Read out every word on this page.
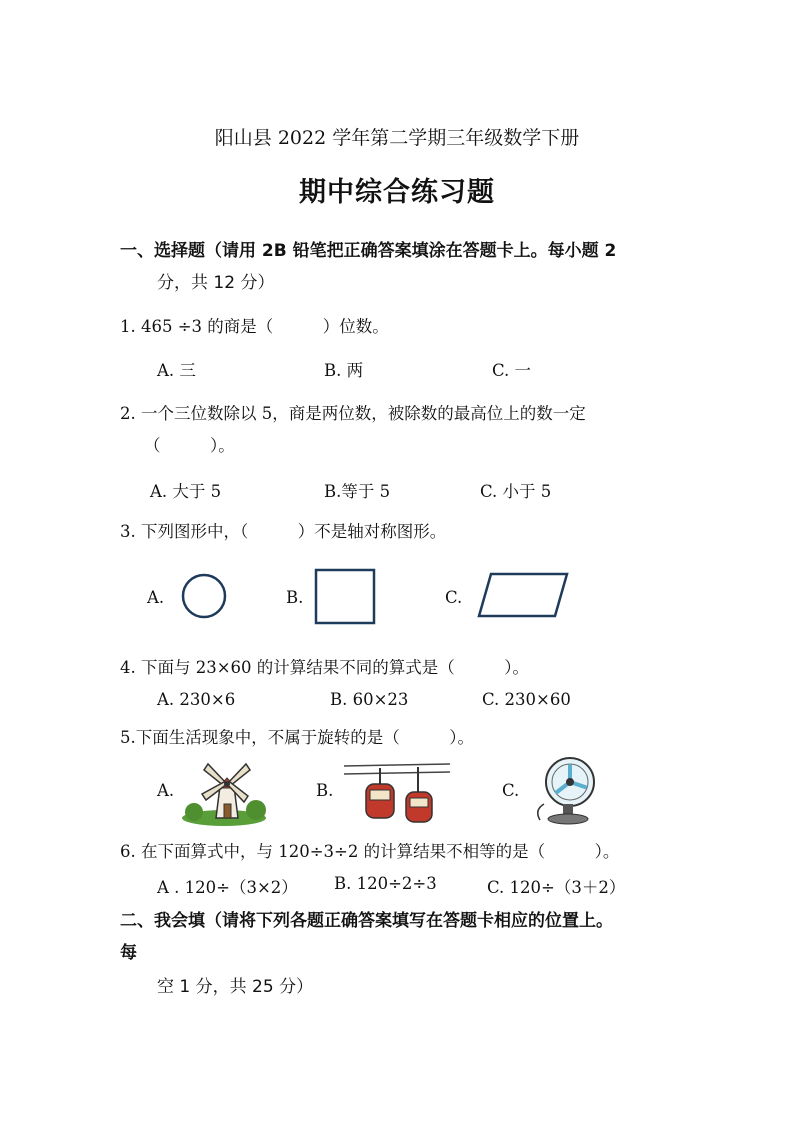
阳山县 2022 学年第二学期三年级数学下册
期中综合练习题
一、选择题（请用 2B 铅笔把正确答案填涂在答题卡上。每小题 2
分，共 12 分）
1. 465 ÷3 的商是（　　　）位数。
A. 三	B. 两	C. 一
2. 一个三位数除以 5，商是两位数，被除数的最高位上的数一定
（　　　）。
A. 大于 5	B.等于 5	C. 小于 5
3. 下列图形中，（　　　）不是轴对称图形。
A.	B.	C.
4. 下面与 23×60 的计算结果不同的算式是（　　　）。
A. 230×6	B. 60×23	C. 230×60
5.下面生活现象中，不属于旋转的是（　　　）。
A.	B.	C.
6. 在下面算式中，与 120÷3÷2 的计算结果不相等的是（　　　）。
A . 120÷（3×2） B. 120÷2÷3	C. 120÷（3＋2）
二、我会填（请将下列各题正确答案填写在答题卡相应的位置上。
每
空 1 分，共 25 分）
